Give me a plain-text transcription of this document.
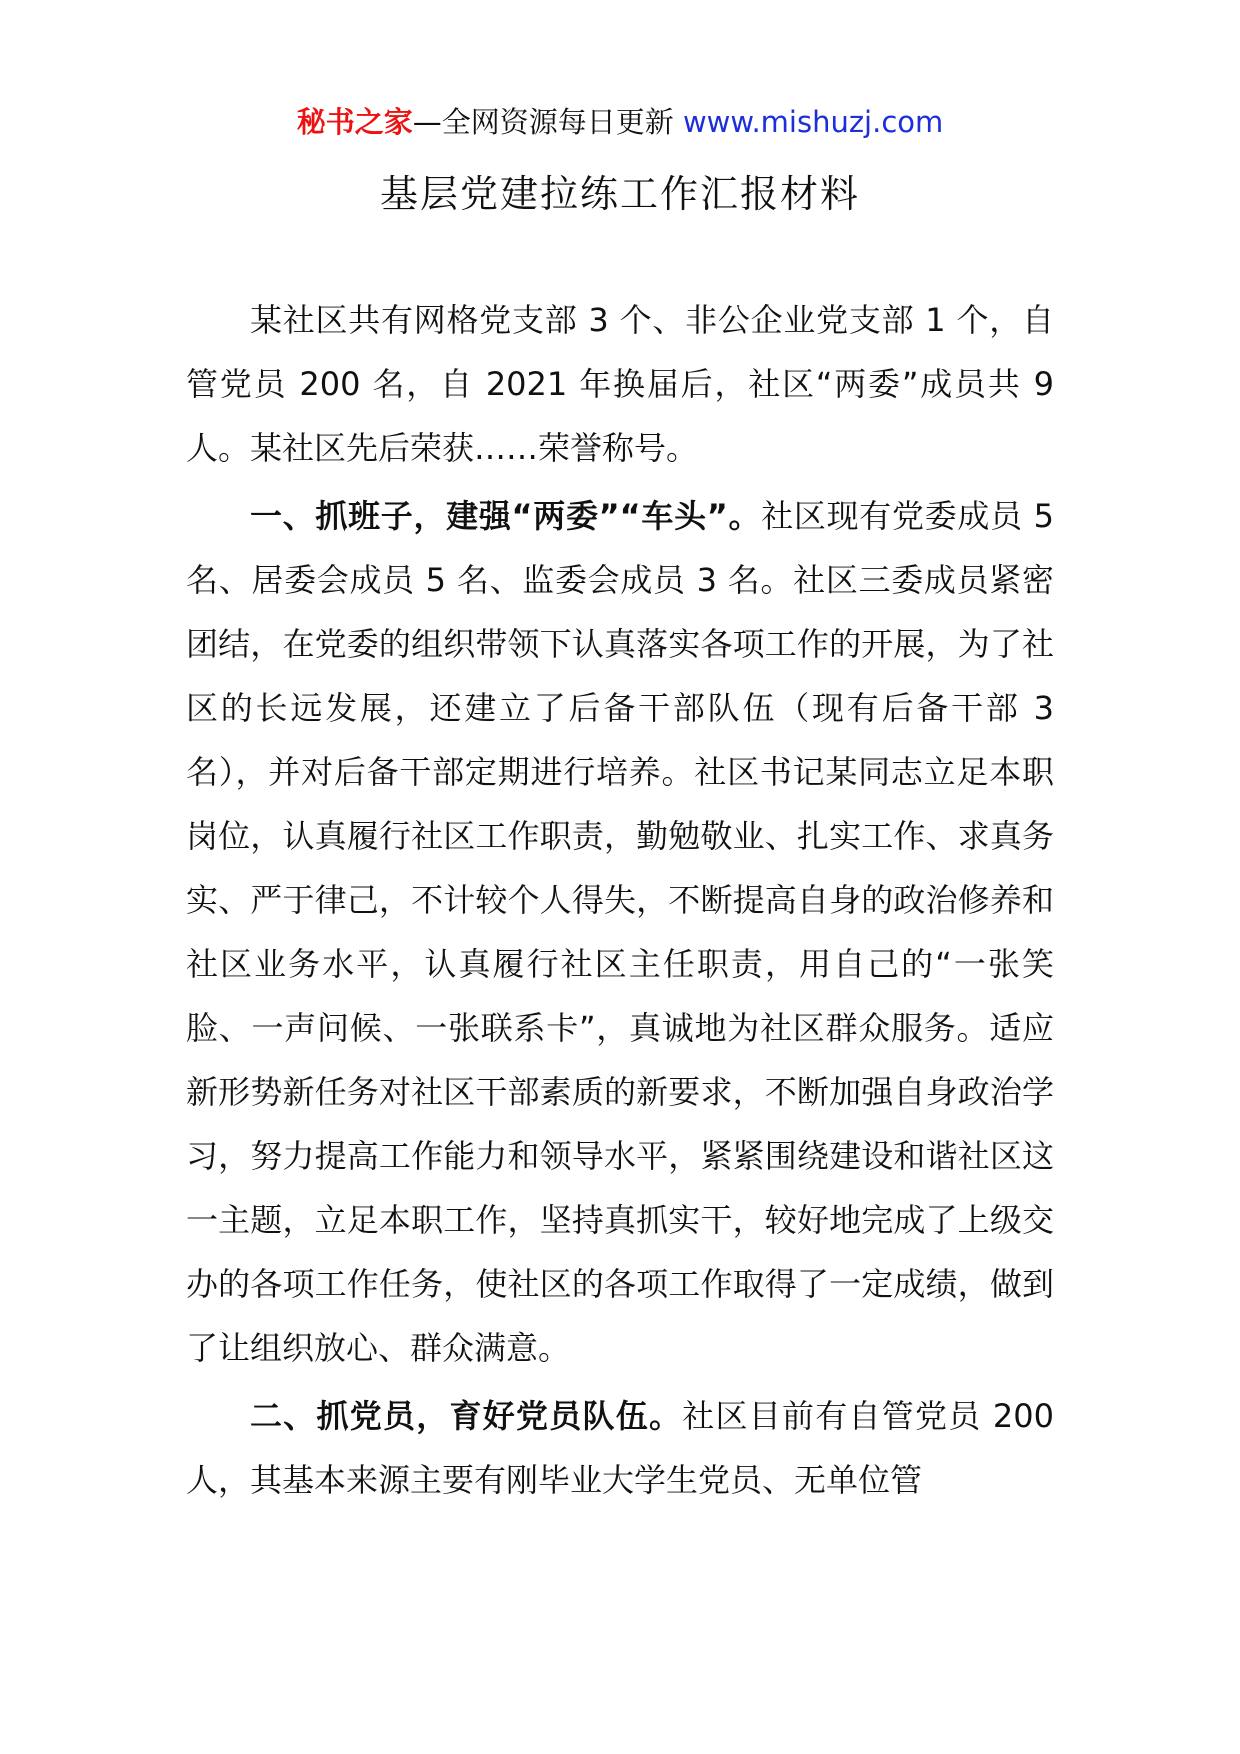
秘书之家—全网资源每日更新 www.mishuzj.com
基层党建拉练工作汇报材料

某社区共有网格党支部 3 个、非公企业党支部 1 个，自管党员 200 名，自 2021 年换届后，社区“两委”成员共 9 人。某社区先后荣获……荣誉称号。

一、抓班子，建强“两委”“车头”。社区现有党委成员 5 名、居委会成员 5 名、监委会成员 3 名。社区三委成员紧密团结，在党委的组织带领下认真落实各项工作的开展，为了社区的长远发展，还建立了后备干部队伍（现有后备干部 3 名），并对后备干部定期进行培养。社区书记某同志立足本职岗位，认真履行社区工作职责，勤勉敬业、扎实工作、求真务实、严于律己，不计较个人得失，不断提高自身的政治修养和社区业务水平，认真履行社区主任职责，用自己的“一张笑脸、一声问候、一张联系卡”，真诚地为社区群众服务。适应新形势新任务对社区干部素质的新要求，不断加强自身政治学习，努力提高工作能力和领导水平，紧紧围绕建设和谐社区这一主题，立足本职工作，坚持真抓实干，较好地完成了上级交办的各项工作任务，使社区的各项工作取得了一定成绩，做到了让组织放心、群众满意。

二、抓党员，育好党员队伍。社区目前有自管党员 200 人，其基本来源主要有刚毕业大学生党员、无单位管
